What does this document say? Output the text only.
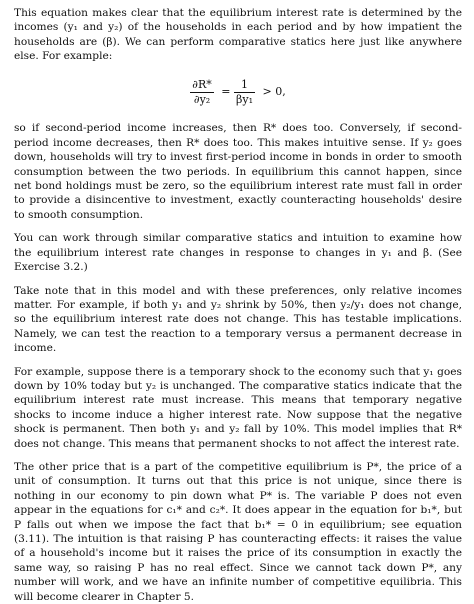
This equation makes clear that the equilibrium interest rate is determined by the incomes (y₁ and y₂) of the households in each period and by how impatient the households are (β). We can perform comparative statics here just like anywhere else. For example:

$\frac{\partial R*}{\text{∂y₂}} = \frac{1}{\text{βy₁}} > 0$,

so if second-period income increases, then R* does too. Conversely, if second-period income decreases, then R* does too. This makes intuitive sense. If y₂ goes down, households will try to invest first-period income in bonds in order to smooth consumption between the two periods. In equilibrium this cannot happen, since net bond holdings must be zero, so the equilibrium interest rate must fall in order to provide a disincentive to investment, exactly counteracting households' desire to smooth consumption.

You can work through similar comparative statics and intuition to examine how the equilibrium interest rate changes in response to changes in y₁ and β. (See Exercise 3.2.)

Take note that in this model and with these preferences, only relative incomes matter. For example, if both y₁ and y₂ shrink by 50%, then y₂/y₁ does not change, so the equilibrium interest rate does not change. This has testable implications. Namely, we can test the reaction to a temporary versus a permanent decrease in income.

For example, suppose there is a temporary shock to the economy such that y₁ goes down by 10% today but y₂ is unchanged. The comparative statics indicate that the equilibrium interest rate must increase. This means that temporary negative shocks to income induce a higher interest rate. Now suppose that the negative shock is permanent. Then both y₁ and y₂ fall by 10%. This model implies that R* does not change. This means that permanent shocks to not affect the interest rate.

The other price that is a part of the competitive equilibrium is P*, the price of a unit of consumption. It turns out that this price is not unique, since there is nothing in our economy to pin down what P* is. The variable P does not even appear in the equations for c₁* and c₂*. It does appear in the equation for b₁*, but P falls out when we impose the fact that b₁* = 0 in equilibrium; see equation (3.11). The intuition is that raising P has counteracting effects: it raises the value of a household's income but it raises the price of its consumption in exactly the same way, so raising P has no real effect. Since we cannot tack down P*, any number will work, and we have an infinite number of competitive equilibria. This will become clearer in Chapter 5.
